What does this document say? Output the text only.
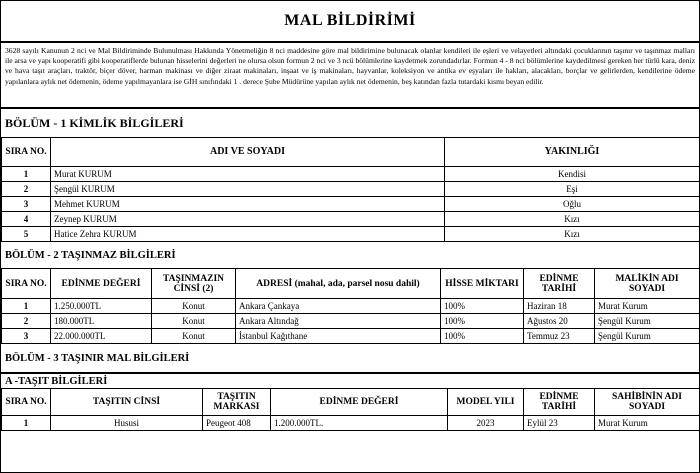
MAL BİLDİRİMİ
3628 sayılı Kanunun 2 nci ve Mal Bildiriminde Bulunulması Hakkında Yönetmeliğin 8 nci maddesine göre mal bildirimine bulunacak olanlar kendileri ile eşleri ve velayetleri altındaki çocuklarının taşınır ve taşınmaz malları ile arsa ve yapı kooperatifi gibi kooperatiflerde bulunan hisselerini değerleri ne olursa olsun formun 2 nci ve 3 ncü bölümlerine kaydetmek zorundadırlar. Formun 4 - 8 nci bölümlerine kaydedilmesi gereken her türlü kara, deniz ve hava taşıt araçları, traktör, biçer döver, harman makinası ve diğer ziraat makinaları, inşaat ve iş makinaları, hayvanlar, koleksiyon ve antika ev eşyaları ile hakları, alacakları, borçlar ve gelirlerden, kendilerine ödeme yapılanlara aylık net ödemenin, ödeme yapılmayanlara ise GİH sınıfındaki 1 . derece Şube Müdürüne yapılan aylık net ödemenin, beş katından fazla tutardaki kısmı beyan edilir.
BÖLÜM - 1 KİMLİK BİLGİLERİ
SIRA NO.	ADI VE SOYADI	YAKINLIĞI
1	Murat KURUM	Kendisi
2	Şengül KURUM	Eşi
3	Mehmet KURUM	Oğlu
4	Zeynep KURUM	Kızı
5	Hatice Zehra KURUM	Kızı
BÖLÜM - 2 TAŞINMAZ BİLGİLERİ
SIRA NO.	EDİNME DEĞERİ	TAŞINMAZIN CİNSİ (2)	ADRESİ (mahal, ada, parsel nosu dahil)	HİSSE MİKTARI	EDİNME TARİHİ	MALİKİN ADI SOYADI
1	1.250.000TL	Konut	Ankara Çankaya	100%	Haziran 18	Murat Kurum
2	180.000TL	Konut	Ankara Altındağ	100%	Ağustos 20	Şengül Kurum
3	22.000.000TL	Konut	İstanbul Kağıthane	100%	Temmuz 23	Şengül Kurum
BÖLÜM - 3 TAŞINIR MAL BİLGİLERİ
A -TAŞIT BİLGİLERİ
SIRA NO.	TAŞITIN CİNSİ	TAŞITIN MARKASI	EDİNME DEĞERİ	MODEL YILI	EDİNME TARİHİ	SAHİBİNİN ADI SOYADI
1	Hususi	Peugeot 408	1.200.000TL.	2023	Eylül 23	Murat Kurum
